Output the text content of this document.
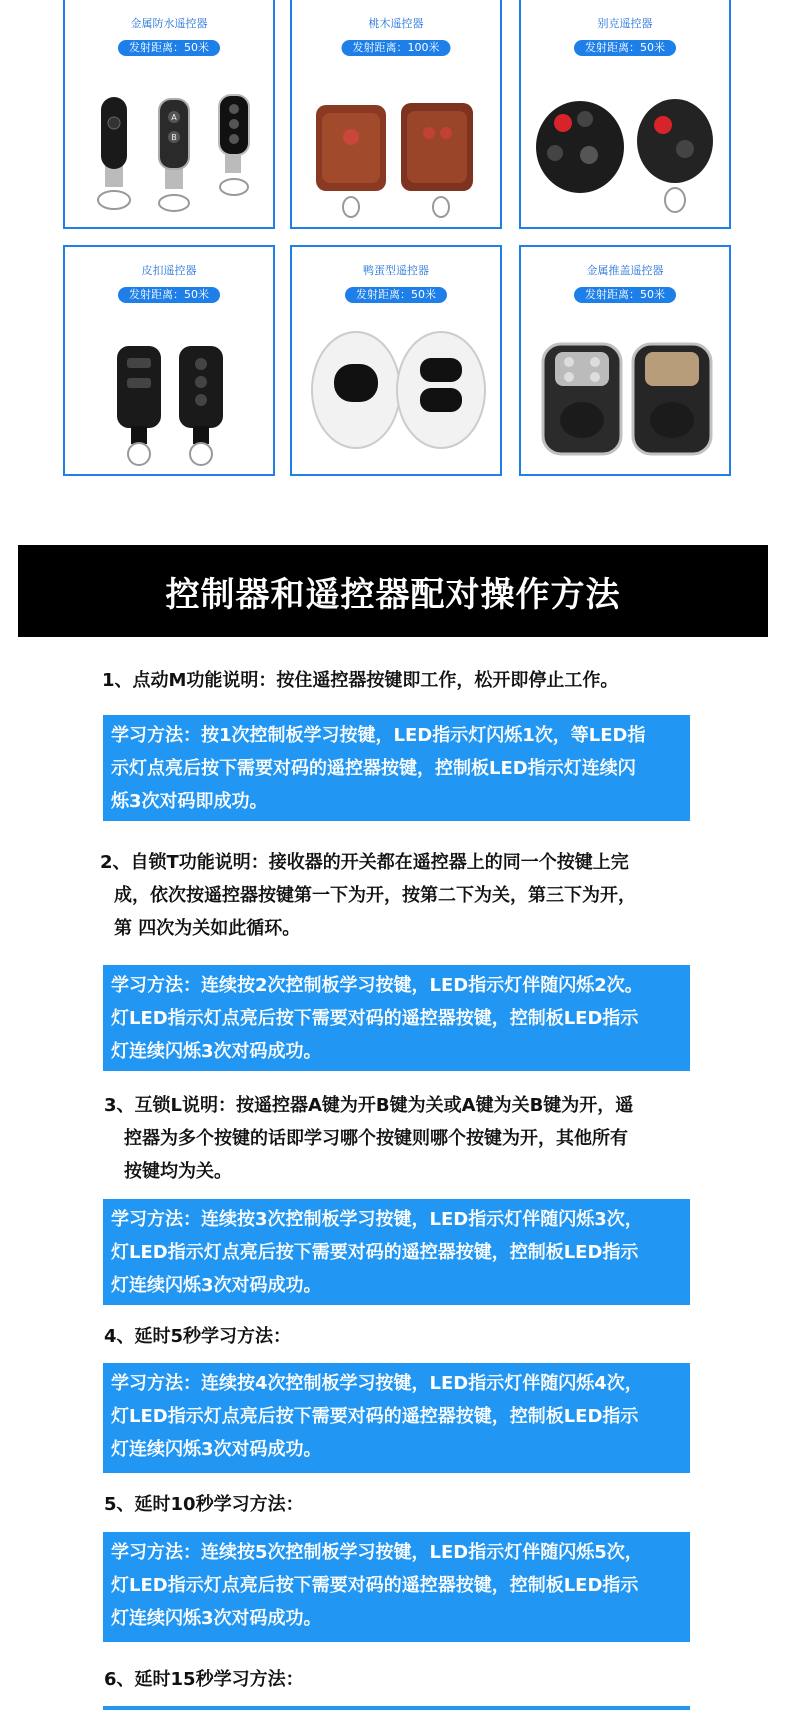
金属防水遥控器
发射距离：50米
A
B
桃木遥控器
发射距离：100米
别克遥控器
发射距离：50米
皮扣遥控器
发射距离：50米
鸭蛋型遥控器
发射距离：50米
金属推盖遥控器
发射距离：50米
控制器和遥控器配对操作方法
1、点动M功能说明：按住遥控器按键即工作，松开即停止工作。
学习方法：按1次控制板学习按键，LED指示灯闪烁1次，等LED指
示灯点亮后按下需要对码的遥控器按键，控制板LED指示灯连续闪
烁3次对码即成功。
2、自锁T功能说明：接收器的开关都在遥控器上的同一个按键上完
成，依次按遥控器按键第一下为开，按第二下为关，第三下为开，
第 四次为关如此循环。
学习方法：连续按2次控制板学习按键，LED指示灯伴随闪烁2次。
灯LED指示灯点亮后按下需要对码的遥控器按键，控制板LED指示
灯连续闪烁3次对码成功。
3、互锁L说明：按遥控器A键为开B键为关或A键为关B键为开，遥
控器为多个按键的话即学习哪个按键则哪个按键为开，其他所有
按键均为关。
学习方法：连续按3次控制板学习按键，LED指示灯伴随闪烁3次，
灯LED指示灯点亮后按下需要对码的遥控器按键，控制板LED指示
灯连续闪烁3次对码成功。
4、延时5秒学习方法：
学习方法：连续按4次控制板学习按键，LED指示灯伴随闪烁4次，
灯LED指示灯点亮后按下需要对码的遥控器按键，控制板LED指示
灯连续闪烁3次对码成功。
5、延时10秒学习方法：
学习方法：连续按5次控制板学习按键，LED指示灯伴随闪烁5次，
灯LED指示灯点亮后按下需要对码的遥控器按键，控制板LED指示
灯连续闪烁3次对码成功。
6、延时15秒学习方法：
